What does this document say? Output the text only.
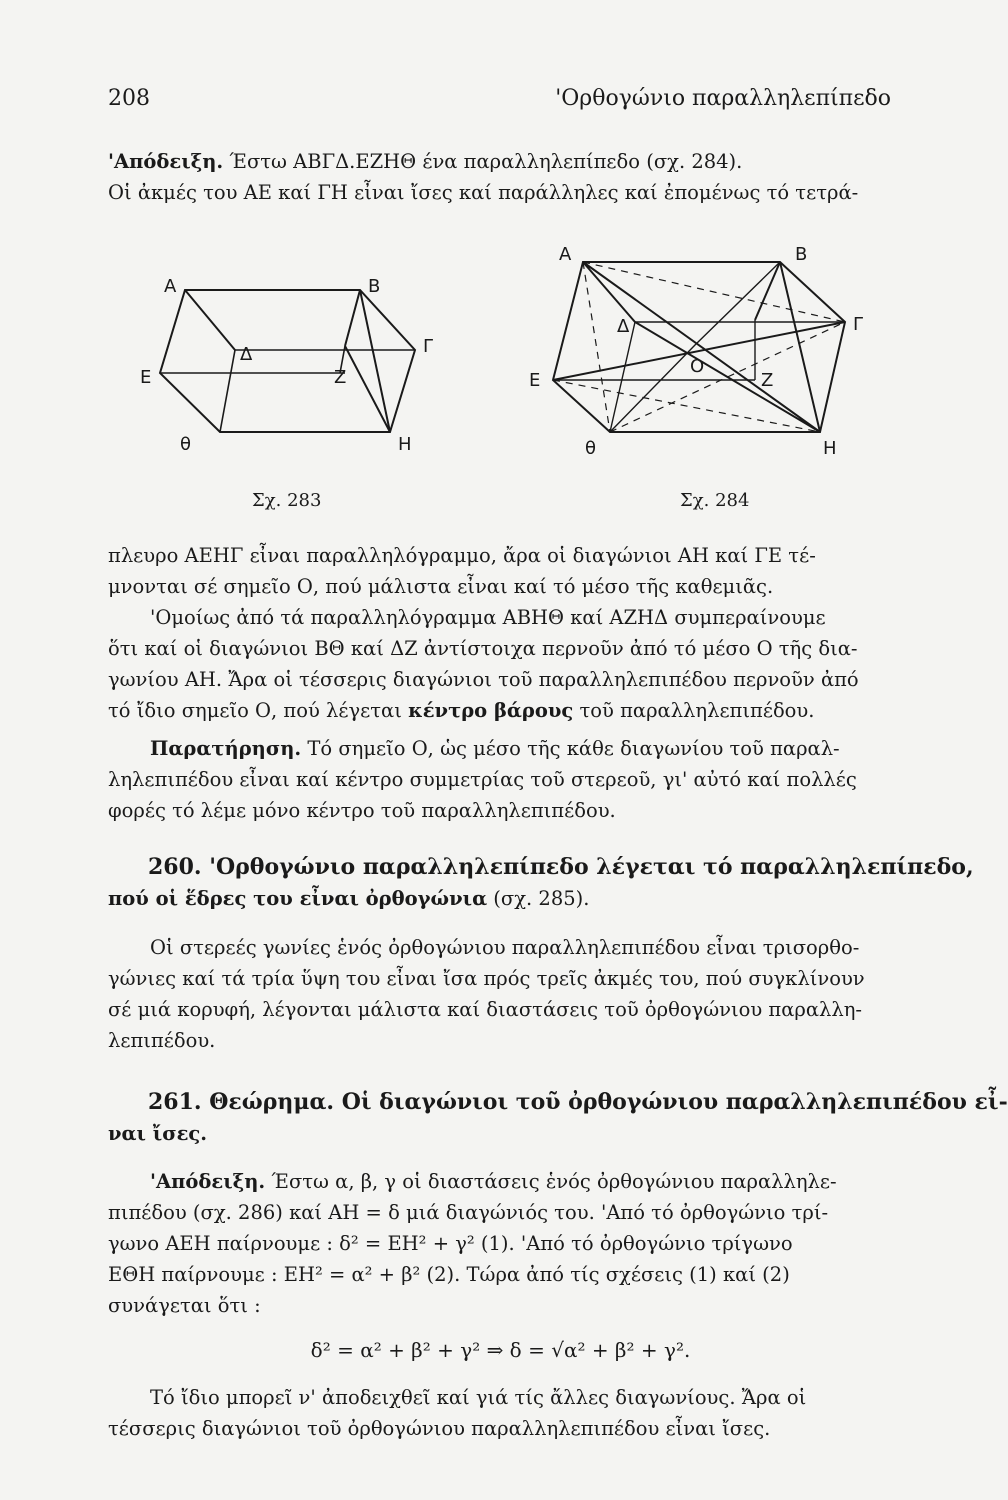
208	'Ορθογώνιο παραλληλεπίπεδο
'Απόδειξη. Έστω ΑΒΓΔ.ΕΖΗΘ ένα παραλληλεπίπεδο (σχ. 284).
Οἱ ἀκμές του ΑΕ καί ΓΗ εἶναι ἴσες καί παράλληλες καί ἐπομένως τό τετρά-
A	B
Γ
Δ
E	Z
H
θ
Σχ. 283
A	B
Γ
Δ
E	Z
H
θ
O
Σχ. 284
πλευρο ΑΕΗΓ εἶναι παραλληλόγραμμο, ἄρα οἱ διαγώνιοι ΑΗ καί ΓΕ τέ-
μνονται σέ σημεῖο Ο, πού μάλιστα εἶναι καί τό μέσο τῆς καθεμιᾶς.
'Ομοίως ἀπό τά παραλληλόγραμμα ΑΒΗΘ καί ΑΖΗΔ συμπεραίνουμε
ὅτι καί οἱ διαγώνιοι ΒΘ καί ΔΖ ἀντίστοιχα περνοῦν ἀπό τό μέσο Ο τῆς δια-
γωνίου ΑΗ. Ἄρα οἱ τέσσερις διαγώνιοι τοῦ παραλληλεπιπέδου περνοῦν ἀπό
τό ἴδιο σημεῖο Ο, πού λέγεται κέντρο βάρους τοῦ παραλληλεπιπέδου.
Παρατήρηση. Τό σημεῖο Ο, ὡς μέσο τῆς κάθε διαγωνίου τοῦ παραλ-
ληλεπιπέδου εἶναι καί κέντρο συμμετρίας τοῦ στερεοῦ, γι' αὐτό καί πολλές
φορές τό λέμε μόνο κέντρο τοῦ παραλληλεπιπέδου.
260. 'Ορθογώνιο παραλληλεπίπεδο λέγεται τό παραλληλεπίπεδο,
πού οἱ ἕδρες του εἶναι ὀρθογώνια (σχ. 285).
Οἱ στερεές γωνίες ἑνός ὀρθογώνιου παραλληλεπιπέδου εἶναι τρισορθο-
γώνιες καί τά τρία ὕψη του εἶναι ἴσα πρός τρεῖς ἀκμές του, πού συγκλίνουν
σέ μιά κορυφή, λέγονται μάλιστα καί διαστάσεις τοῦ ὀρθογώνιου παραλλη-
λεπιπέδου.
261. Θεώρημα. Οἱ διαγώνιοι τοῦ ὀρθογώνιου παραλληλεπιπέδου εἶ-
ναι ἴσες.
'Απόδειξη. Έστω α, β, γ οἱ διαστάσεις ἑνός ὀρθογώνιου παραλληλε-
πιπέδου (σχ. 286) καί ΑΗ = δ μιά διαγώνιός του. 'Από τό ὀρθογώνιο τρί-
γωνο ΑΕΗ παίρνουμε : δ² = ΕΗ² + γ² (1). 'Από τό ὀρθογώνιο τρίγωνο
ΕΘΗ παίρνουμε : ΕΗ² = α² + β² (2). Τώρα ἀπό τίς σχέσεις (1) καί (2)
συνάγεται ὅτι :
δ² = α² + β² + γ² ⇒ δ = √α² + β² + γ².
Τό ἴδιο μπορεῖ ν' ἀποδειχθεῖ καί γιά τίς ἄλλες διαγωνίους. Ἄρα οἱ
τέσσερις διαγώνιοι τοῦ ὀρθογώνιου παραλληλεπιπέδου εἶναι ἴσες.
